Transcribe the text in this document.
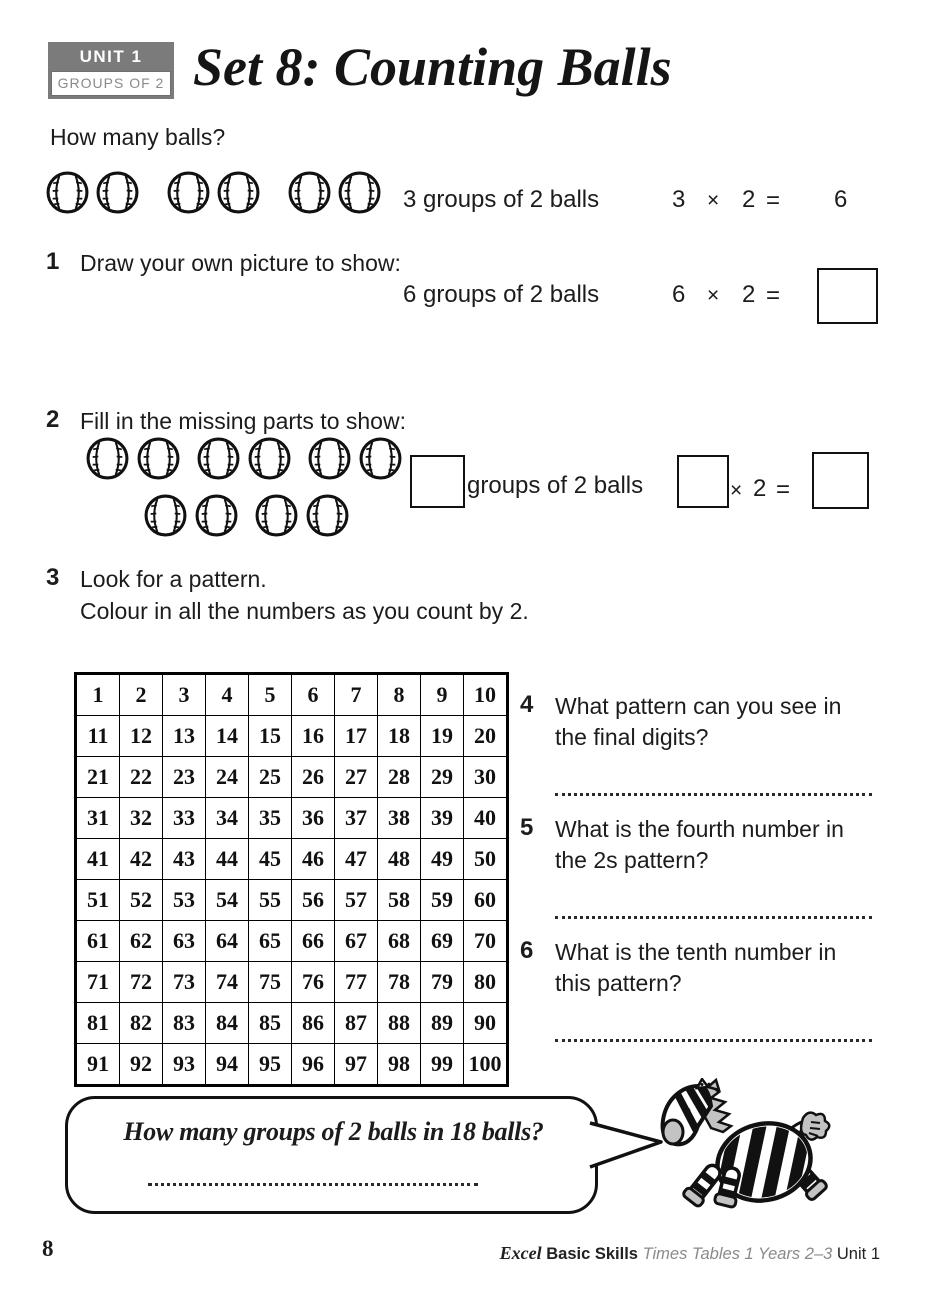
UNIT 1
GROUPS OF 2 Set 8: Counting Balls
How many balls?
3 groups of 2 balls	3 × 2 = 6
1 Draw your own picture to show:
6 groups of 2 balls	6 × 2 =
2 Fill in the missing parts to show:
groups of 2 balls	× 2 =
3 Look for a pattern.
Colour in all the numbers as you count by 2.
1	2	3	4	5	6	7	8	9	10
11	12	13	14	15	16	17	18	19	20
21	22	23	24	25	26	27	28	29	30
31	32	33	34	35	36	37	38	39	40
41	42	43	44	45	46	47	48	49	50
51	52	53	54	55	56	57	58	59	60
61	62	63	64	65	66	67	68	69	70
71	72	73	74	75	76	77	78	79	80
81	82	83	84	85	86	87	88	89	90
91	92	93	94	95	96	97	98	99	100
4 What pattern can you see in
the final digits?
5 What is the fourth number in
the 2s pattern?
6 What is the tenth number in
this pattern?
How many groups of 2 balls in 18 balls?
8	Excel Basic Skills Times Tables 1 Years 2–3 Unit 1
